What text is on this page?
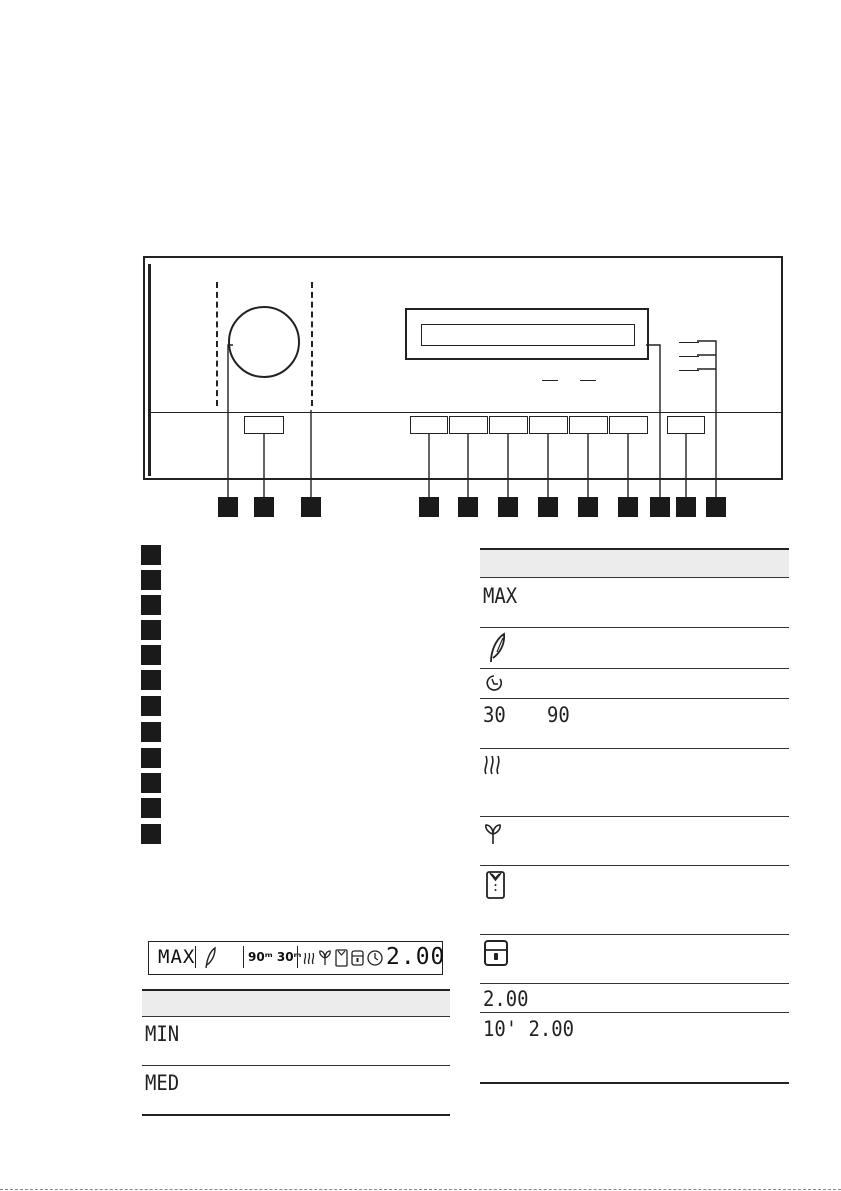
MAX	90ᵐ 30ᵐ	2.00
MIN
MED
MAX
30 90
2.00
10' 2.00
